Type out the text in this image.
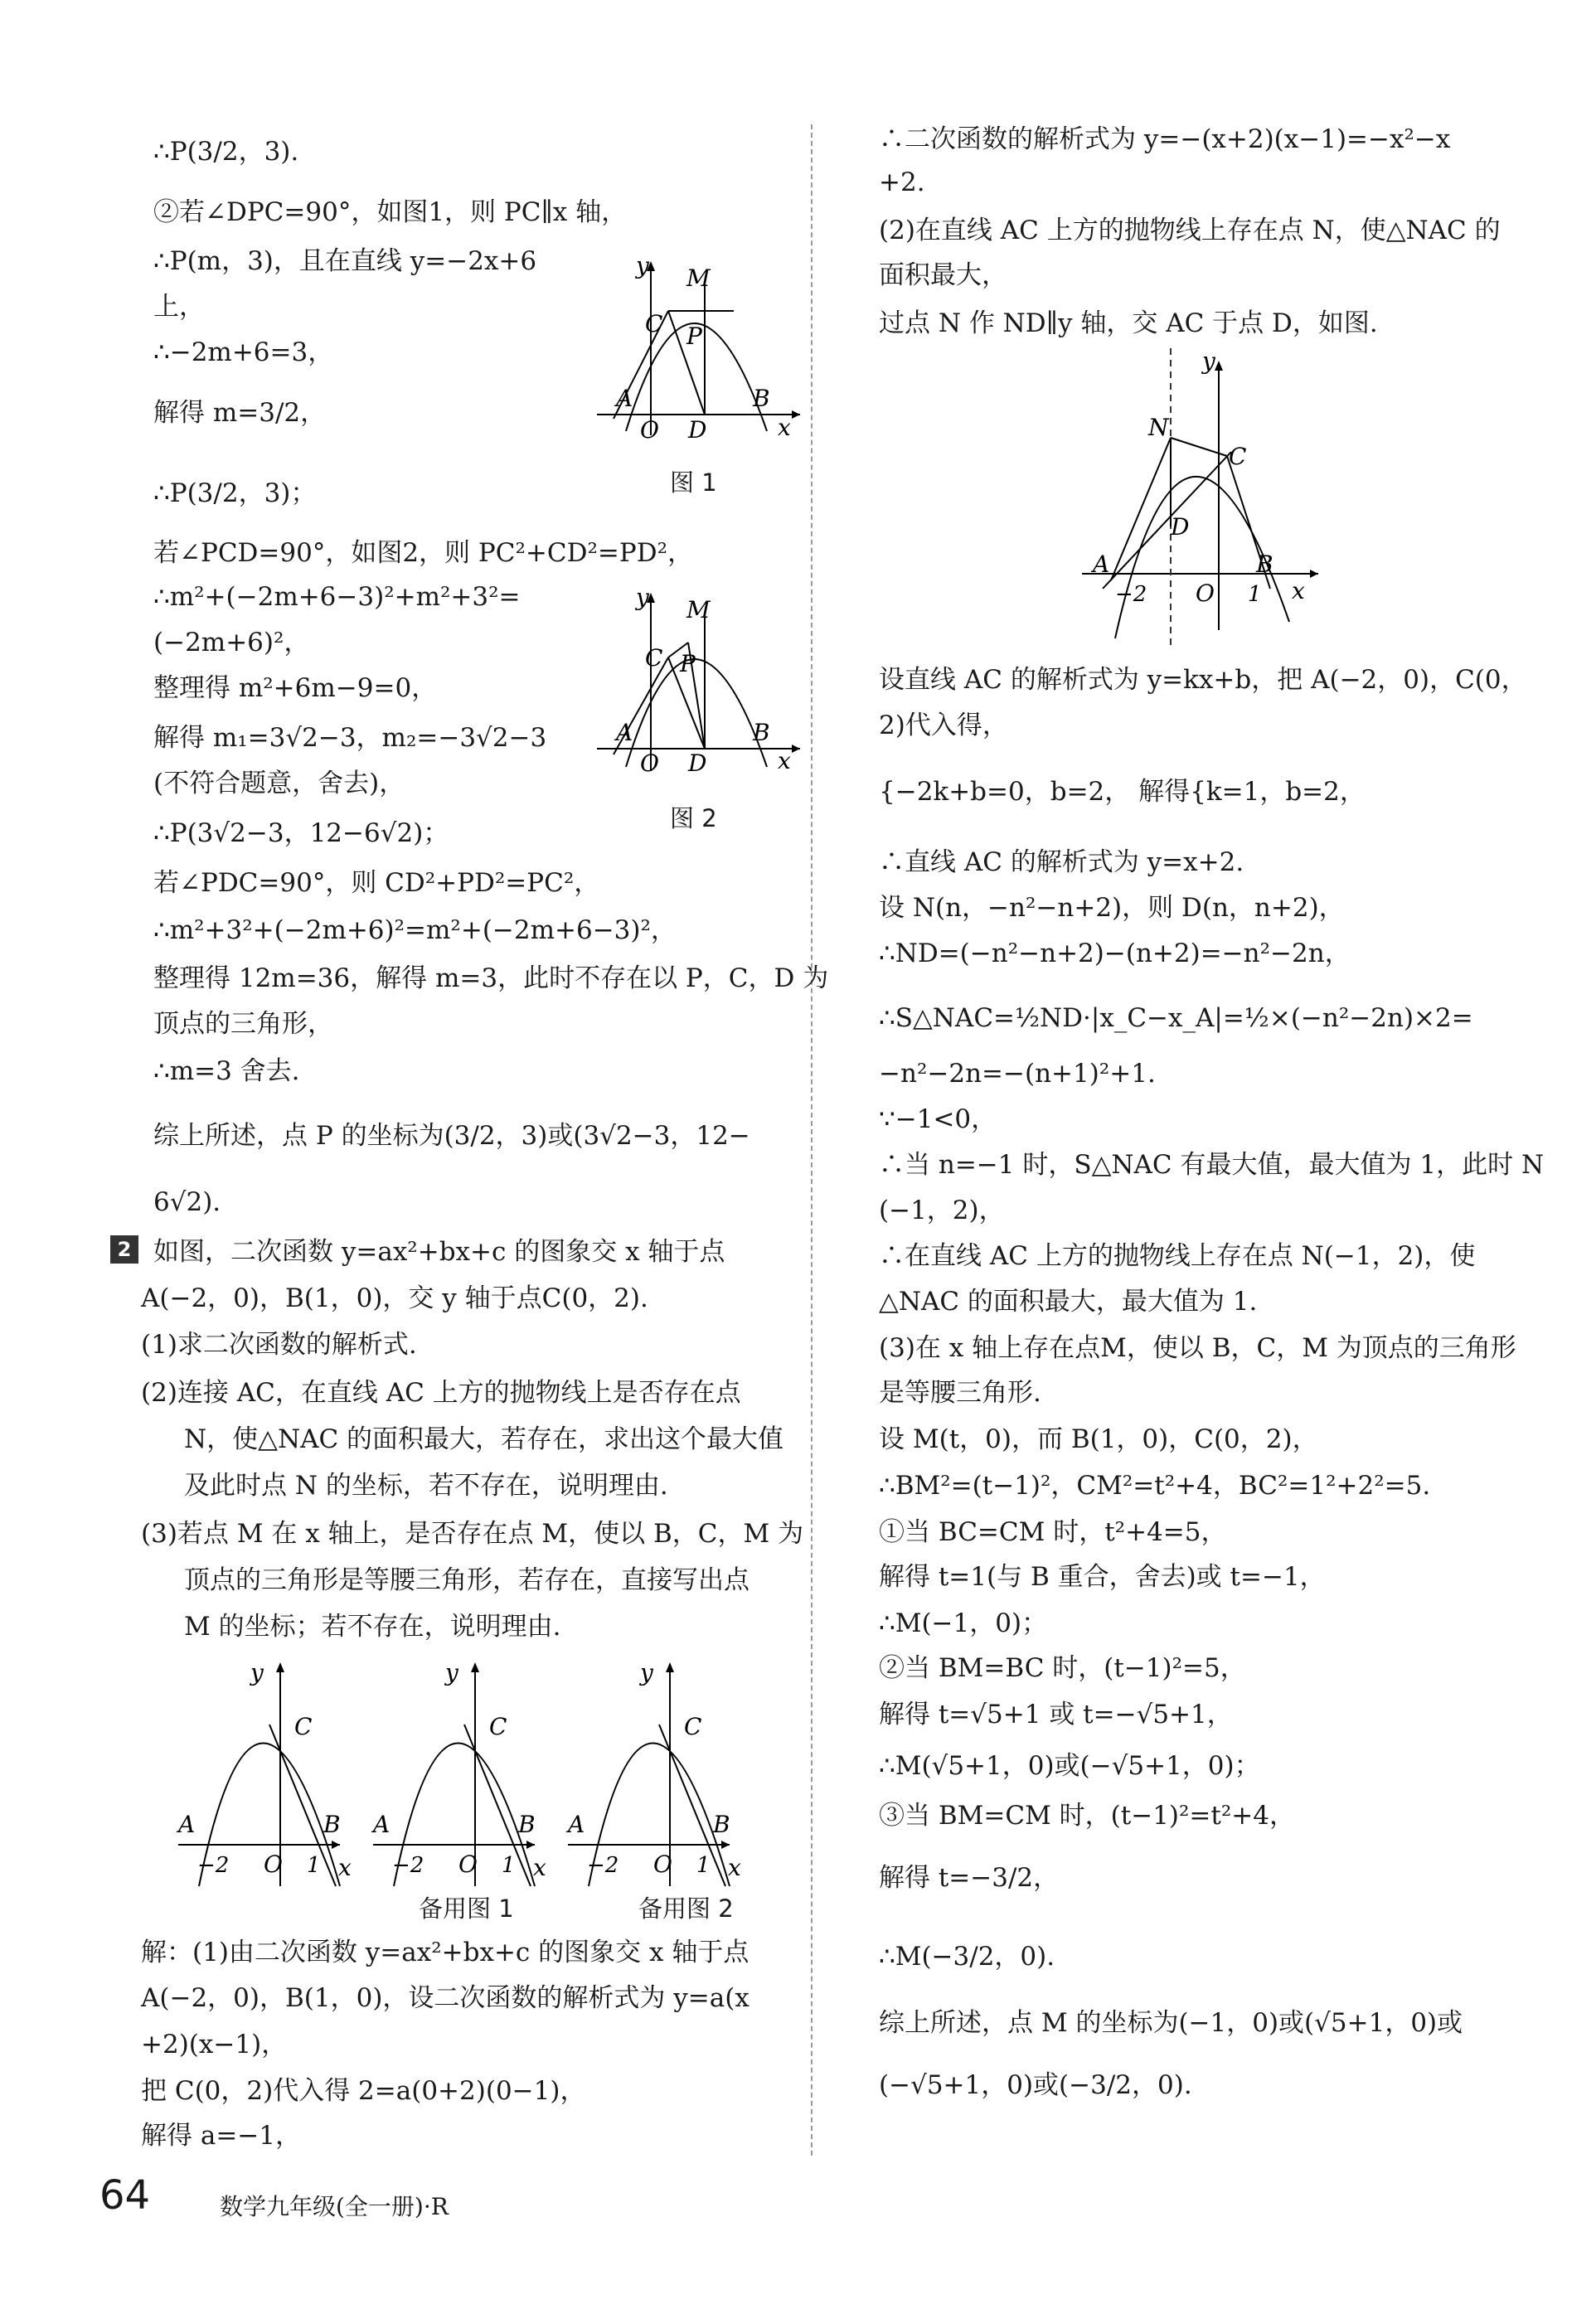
∴P(3/2，3).
②若∠DPC=90°，如图1，则 PC∥x 轴，
∴P(m，3)，且在直线 y=−2x+6
上，
∴−2m+6=3，
解得 m=3/2，
∴P(3/2，3)；
若∠PCD=90°，如图2，则 PC²+CD²=PD²，
∴m²+(−2m+6−3)²+m²+3²=
(−2m+6)²，
整理得 m²+6m−9=0，
解得 m₁=3√2−3，m₂=−3√2−3
(不符合题意，舍去)，
∴P(3√2−3，12−6√2)；
若∠PDC=90°，则 CD²+PD²=PC²，
∴m²+3²+(−2m+6)²=m²+(−2m+6−3)²，
整理得 12m=36，解得 m=3，此时不存在以 P，C，D 为
顶点的三角形，
∴m=3 舍去.
综上所述，点 P 的坐标为(3/2，3)或(3√2−3，12−
6√2).
2 如图，二次函数 y=ax²+bx+c 的图象交 x 轴于点
A(−2，0)，B(1，0)，交 y 轴于点C(0，2).
(1)求二次函数的解析式.
(2)连接 AC，在直线 AC 上方的抛物线上是否存在点
N，使△NAC 的面积最大，若存在，求出这个最大值
及此时点 N 的坐标，若不存在，说明理由.
(3)若点 M 在 x 轴上，是否存在点 M，使以 B，C，M 为
顶点的三角形是等腰三角形，若存在，直接写出点
M 的坐标；若不存在，说明理由.
解：(1)由二次函数 y=ax²+bx+c 的图象交 x 轴于点
A(−2，0)，B(1，0)，设二次函数的解析式为 y=a(x
+2)(x−1)，
把 C(0，2)代入得 2=a(0+2)(0−1)，
解得 a=−1，
y M
C P
A	B
O D	x
图 1
y M
C P
A	B
O D	x
图 2
y
C
A	B
−2 O 1 x
y
C
A	B
−2 O 1 x
y
C
A	B
−2 O 1 x
备用图 1	备用图 2
∴二次函数的解析式为 y=−(x+2)(x−1)=−x²−x
+2.
(2)在直线 AC 上方的抛物线上存在点 N，使△NAC 的
面积最大，
过点 N 作 ND∥y 轴，交 AC 于点 D，如图.
设直线 AC 的解析式为 y=kx+b，把 A(−2，0)，C(0，
2)代入得，
{−2k+b=0，b=2， 解得{k=1，b=2，
∴直线 AC 的解析式为 y=x+2.
设 N(n，−n²−n+2)，则 D(n，n+2)，
∴ND=(−n²−n+2)−(n+2)=−n²−2n，
∴S△NAC=½ND·|x_C−x_A|=½×(−n²−2n)×2=
−n²−2n=−(n+1)²+1.
∵−1<0，
∴当 n=−1 时，S△NAC 有最大值，最大值为 1，此时 N
(−1，2)，
∴在直线 AC 上方的抛物线上存在点 N(−1，2)，使
△NAC 的面积最大，最大值为 1.
(3)在 x 轴上存在点M，使以 B，C，M 为顶点的三角形
是等腰三角形.
设 M(t，0)，而 B(1，0)，C(0，2)，
∴BM²=(t−1)²，CM²=t²+4，BC²=1²+2²=5.
①当 BC=CM 时，t²+4=5，
解得 t=1(与 B 重合，舍去)或 t=−1，
∴M(−1，0)；
②当 BM=BC 时，(t−1)²=5，
解得 t=√5+1 或 t=−√5+1，
∴M(√5+1，0)或(−√5+1，0)；
③当 BM=CM 时，(t−1)²=t²+4，
解得 t=−3/2，
∴M(−3/2，0).
综上所述，点 M 的坐标为(−1，0)或(√5+1，0)或
(−√5+1，0)或(−3/2，0).
y
N
C
D
A	B
−2 O 1 x
64	数学九年级(全一册)·R
